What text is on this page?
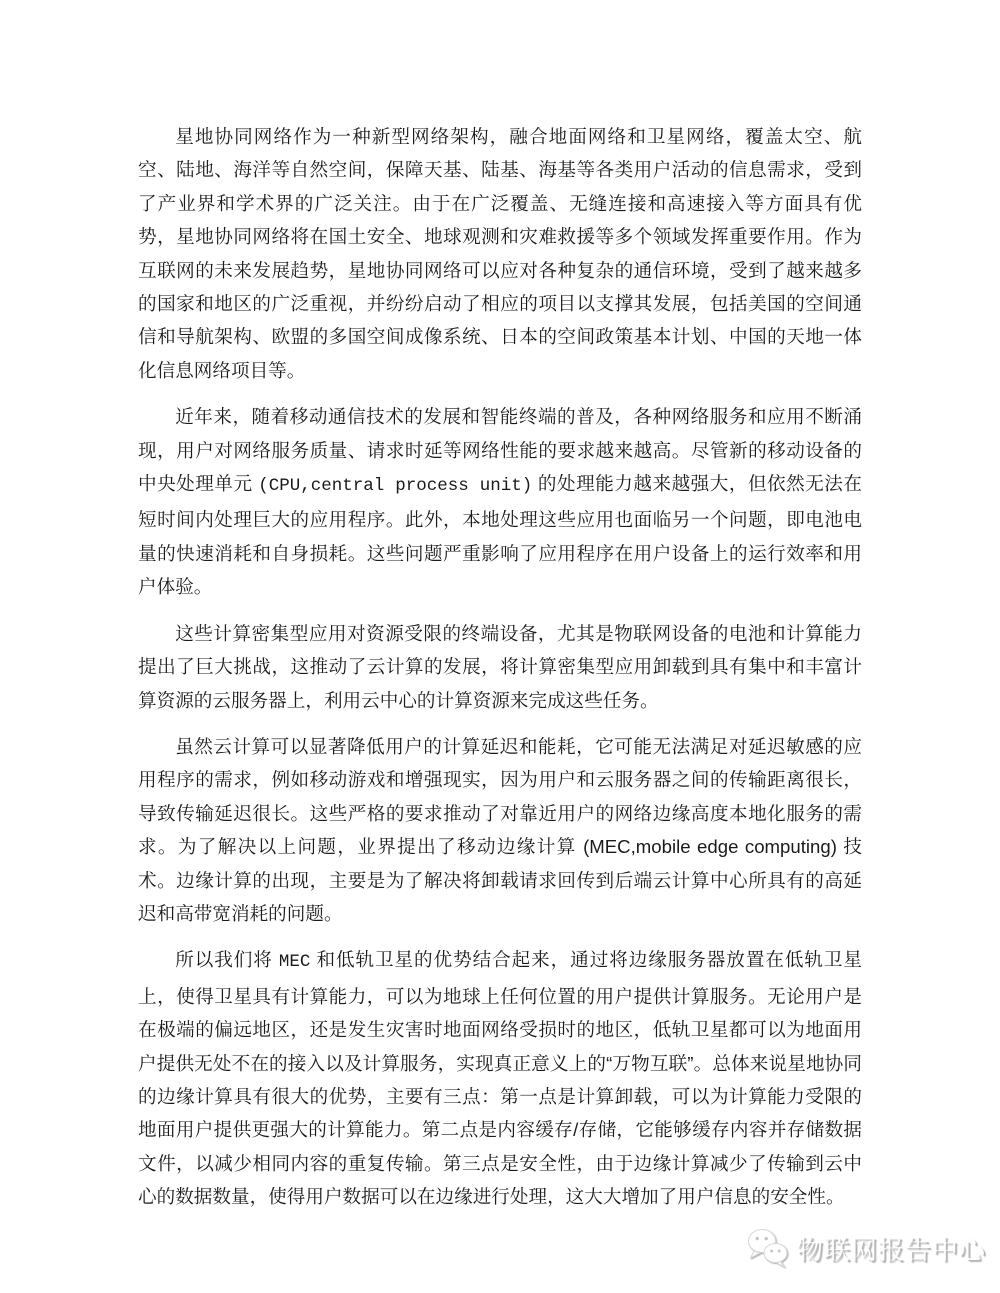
星地协同网络作为一种新型网络架构，融合地面网络和卫星网络，覆盖太空、航空、陆地、海洋等自然空间，保障天基、陆基、海基等各类用户活动的信息需求，受到了产业界和学术界的广泛关注。由于在广泛覆盖、无缝连接和高速接入等方面具有优势，星地协同网络将在国土安全、地球观测和灾难救援等多个领域发挥重要作用。作为互联网的未来发展趋势，星地协同网络可以应对各种复杂的通信环境，受到了越来越多的国家和地区的广泛重视，并纷纷启动了相应的项目以支撑其发展，包括美国的空间通信和导航架构、欧盟的多国空间成像系统、日本的空间政策基本计划、中国的天地一体化信息网络项目等。

近年来，随着移动通信技术的发展和智能终端的普及，各种网络服务和应用不断涌现，用户对网络服务质量、请求时延等网络性能的要求越来越高。尽管新的移动设备的中央处理单元 (CPU,central process unit) 的处理能力越来越强大，但依然无法在短时间内处理巨大的应用程序。此外，本地处理这些应用也面临另一个问题，即电池电量的快速消耗和自身损耗。这些问题严重影响了应用程序在用户设备上的运行效率和用户体验。

这些计算密集型应用对资源受限的终端设备，尤其是物联网设备的电池和计算能力提出了巨大挑战，这推动了云计算的发展，将计算密集型应用卸载到具有集中和丰富计算资源的云服务器上，利用云中心的计算资源来完成这些任务。

虽然云计算可以显著降低用户的计算延迟和能耗，它可能无法满足对延迟敏感的应用程序的需求，例如移动游戏和增强现实，因为用户和云服务器之间的传输距离很长，导致传输延迟很长。这些严格的要求推动了对靠近用户的网络边缘高度本地化服务的需求。为了解决以上问题，业界提出了移动边缘计算 (MEC,mobile edge computing) 技术。边缘计算的出现，主要是为了解决将卸载请求回传到后端云计算中心所具有的高延迟和高带宽消耗的问题。

所以我们将 MEC 和低轨卫星的优势结合起来，通过将边缘服务器放置在低轨卫星上，使得卫星具有计算能力，可以为地球上任何位置的用户提供计算服务。无论用户是在极端的偏远地区，还是发生灾害时地面网络受损时的地区，低轨卫星都可以为地面用户提供无处不在的接入以及计算服务，实现真正意义上的“万物互联”。总体来说星地协同的边缘计算具有很大的优势，主要有三点：第一点是计算卸载，可以为计算能力受限的地面用户提供更强大的计算能力。第二点是内容缓存/存储，它能够缓存内容并存储数据文件，以减少相同内容的重复传输。第三点是安全性，由于边缘计算减少了传输到云中心的数据数量，使得用户数据可以在边缘进行处理，这大大增加了用户信息的安全性。

物联网报告中心
